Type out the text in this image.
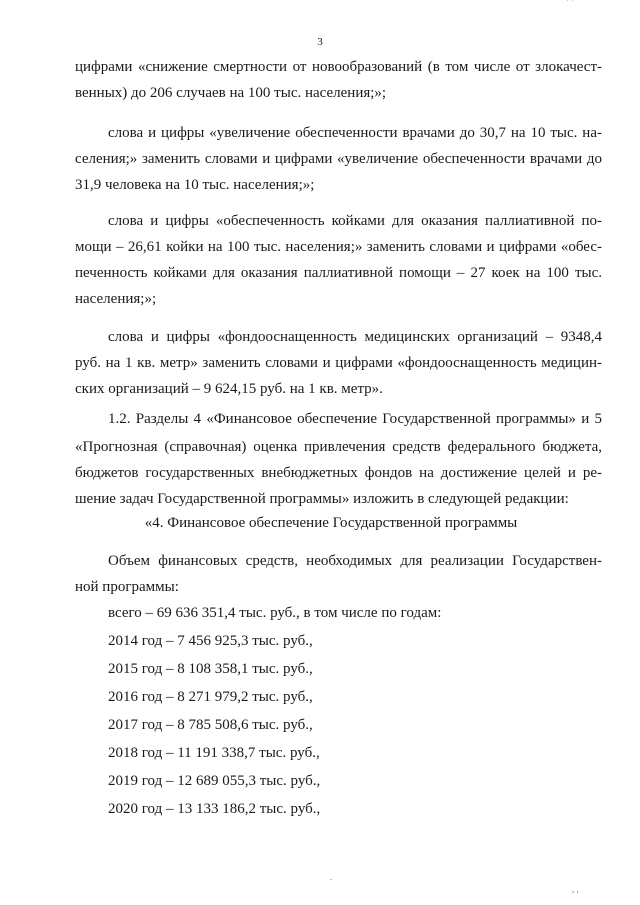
3
цифрами «снижение смертности от новообразований (в том числе от злокачест-
венных) до 206 случаев на 100 тыс. населения;»;
слова и цифры «увеличение обеспеченности врачами до 30,7 на 10 тыс. на-
селения;» заменить словами и цифрами «увеличение обеспеченности врачами до
31,9 человека на 10 тыс. населения;»;
слова и цифры «обеспеченность койками для оказания паллиативной по-
мощи – 26,61 койки на 100 тыс. населения;» заменить словами и цифрами «обес-
печенность койками для оказания паллиативной помощи – 27 коек на 100 тыс.
населения;»;
слова и цифры «фондооснащенность медицинских организаций – 9348,4
руб. на 1 кв. метр» заменить словами и цифрами «фондооснащенность медицин-
ских организаций – 9 624,15 руб. на 1 кв. метр».
1.2. Разделы 4 «Финансовое обеспечение Государственной программы» и 5
«Прогнозная (справочная) оценка привлечения средств федерального бюджета,
бюджетов государственных внебюджетных фондов на достижение целей и ре-
шение задач Государственной программы» изложить в следующей редакции:
«4. Финансовое обеспечение Государственной программы
Объем финансовых средств, необходимых для реализации Государствен-
ной программы:
всего – 69 636 351,4 тыс. руб., в том числе по годам:
2014 год – 7 456 925,3 тыс. руб.,
2015 год – 8 108 358,1 тыс. руб.,
2016 год – 8 271 979,2 тыс. руб.,
2017 год – 8 785 508,6 тыс. руб.,
2018 год – 11 191 338,7 тыс. руб.,
2019 год – 12 689 055,3 тыс. руб.,
2020 год – 13 133 186,2 тыс. руб.,
˙ ˙
.
, ,
